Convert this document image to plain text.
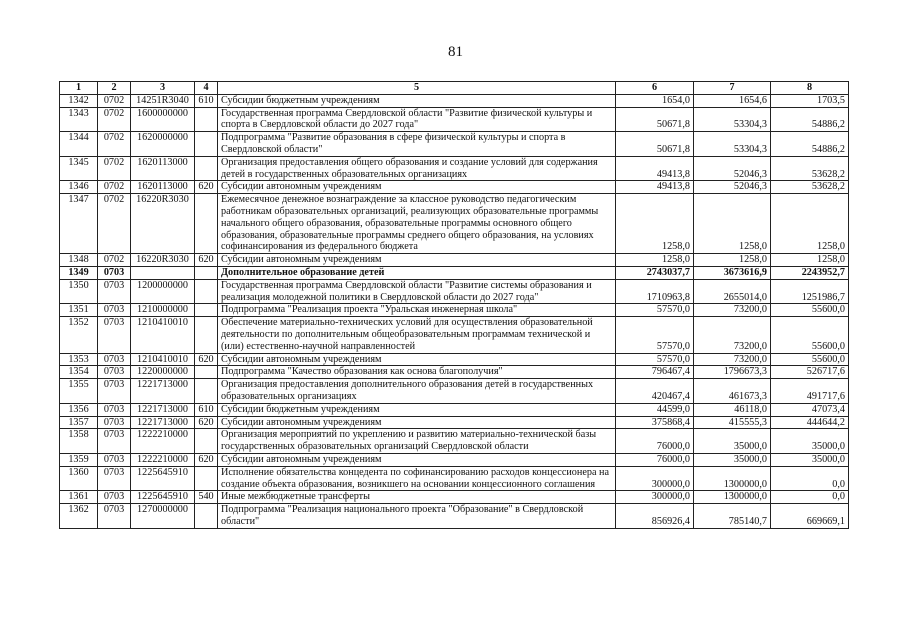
81
1	2	3	4	5	6	7	8
1342	0702	14251R3040	610	Субсидии бюджетным учреждениям	1654,0	1654,6	1703,5
1343	0702	1600000000		Государственная программа Свердловской области "Развитие физической культуры и спорта в Свердловской области до 2027 года"	50671,8	53304,3	54886,2
1344	0702	1620000000		Подпрограмма "Развитие образования в сфере физической культуры и спорта в Свердловской области"	50671,8	53304,3	54886,2
1345	0702	1620113000		Организация предоставления общего образования и создание условий для содержания детей в государственных образовательных организациях	49413,8	52046,3	53628,2
1346	0702	1620113000	620	Субсидии автономным учреждениям	49413,8	52046,3	53628,2
1347	0702	16220R3030		Ежемесячное денежное вознаграждение за классное руководство педагогическим работникам образовательных организаций, реализующих образовательные программы начального общего образования, образовательные программы основного общего образования, образовательные программы среднего общего образования, на условиях софинансирования из федерального бюджета	1258,0	1258,0	1258,0
1348	0702	16220R3030	620	Субсидии автономным учреждениям	1258,0	1258,0	1258,0
1349	0703			Дополнительное образование детей	2743037,7	3673616,9	2243952,7
1350	0703	1200000000		Государственная программа Свердловской области "Развитие системы образования и реализация молодежной политики в Свердловской области до 2027 года"	1710963,8	2655014,0	1251986,7
1351	0703	1210000000		Подпрограмма "Реализация проекта "Уральская инженерная школа"	57570,0	73200,0	55600,0
1352	0703	1210410010		Обеспечение материально-технических условий для осуществления образовательной деятельности по дополнительным общеобразовательным программам технической и (или) естественно-научной направленностей	57570,0	73200,0	55600,0
1353	0703	1210410010	620	Субсидии автономным учреждениям	57570,0	73200,0	55600,0
1354	0703	1220000000		Подпрограмма "Качество образования как основа благополучия"	796467,4	1796673,3	526717,6
1355	0703	1221713000		Организация предоставления дополнительного образования детей в государственных образовательных организациях	420467,4	461673,3	491717,6
1356	0703	1221713000	610	Субсидии бюджетным учреждениям	44599,0	46118,0	47073,4
1357	0703	1221713000	620	Субсидии автономным учреждениям	375868,4	415555,3	444644,2
1358	0703	1222210000		Организация мероприятий по укреплению и развитию материально-технической базы государственных образовательных организаций Свердловской области	76000,0	35000,0	35000,0
1359	0703	1222210000	620	Субсидии автономным учреждениям	76000,0	35000,0	35000,0
1360	0703	1225645910		Исполнение обязательства концедента по софинансированию расходов концессионера на создание объекта образования, возникшего на основании концессионного соглашения	300000,0	1300000,0	0,0
1361	0703	1225645910	540	Иные межбюджетные трансферты	300000,0	1300000,0	0,0
1362	0703	1270000000		Подпрограмма "Реализация национального проекта "Образование" в Свердловской области"	856926,4	785140,7	669669,1
